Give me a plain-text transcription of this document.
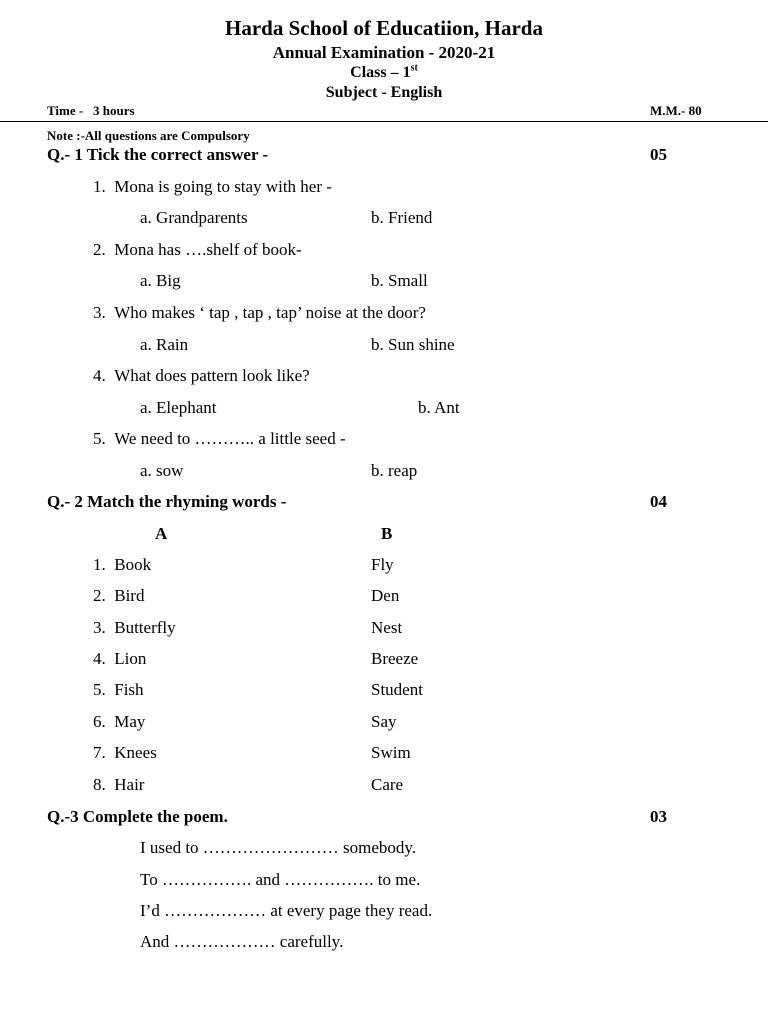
Harda School of Educatiion, Harda
Annual Examination - 2020-21
Class – 1st
Subject - English
Time - 3 hours	M.M.- 80
Note :-All questions are Compulsory
Q.- 1 Tick the correct answer -	05
1. Mona is going to stay with her -
a. Grandparents	b. Friend
2. Mona has ….shelf of book-
a. Big	b. Small
3. Who makes ‘ tap , tap , tap’ noise at the door?
a. Rain	b. Sun shine
4. What does pattern look like?
a. Elephant	b. Ant
5. We need to ……….. a little seed -
a. sow	b. reap
Q.- 2 Match the rhyming words -	04
A	B
1. Book	Fly
2. Bird	Den
3. Butterfly	Nest
4. Lion	Breeze
5. Fish	Student
6. May	Say
7. Knees	Swim
8. Hair	Care
Q.-3 Complete the poem.	03
I used to …………………… somebody.
To ……………. and ……………. to me.
I’d ……………… at every page they read.
And ……………… carefully.
